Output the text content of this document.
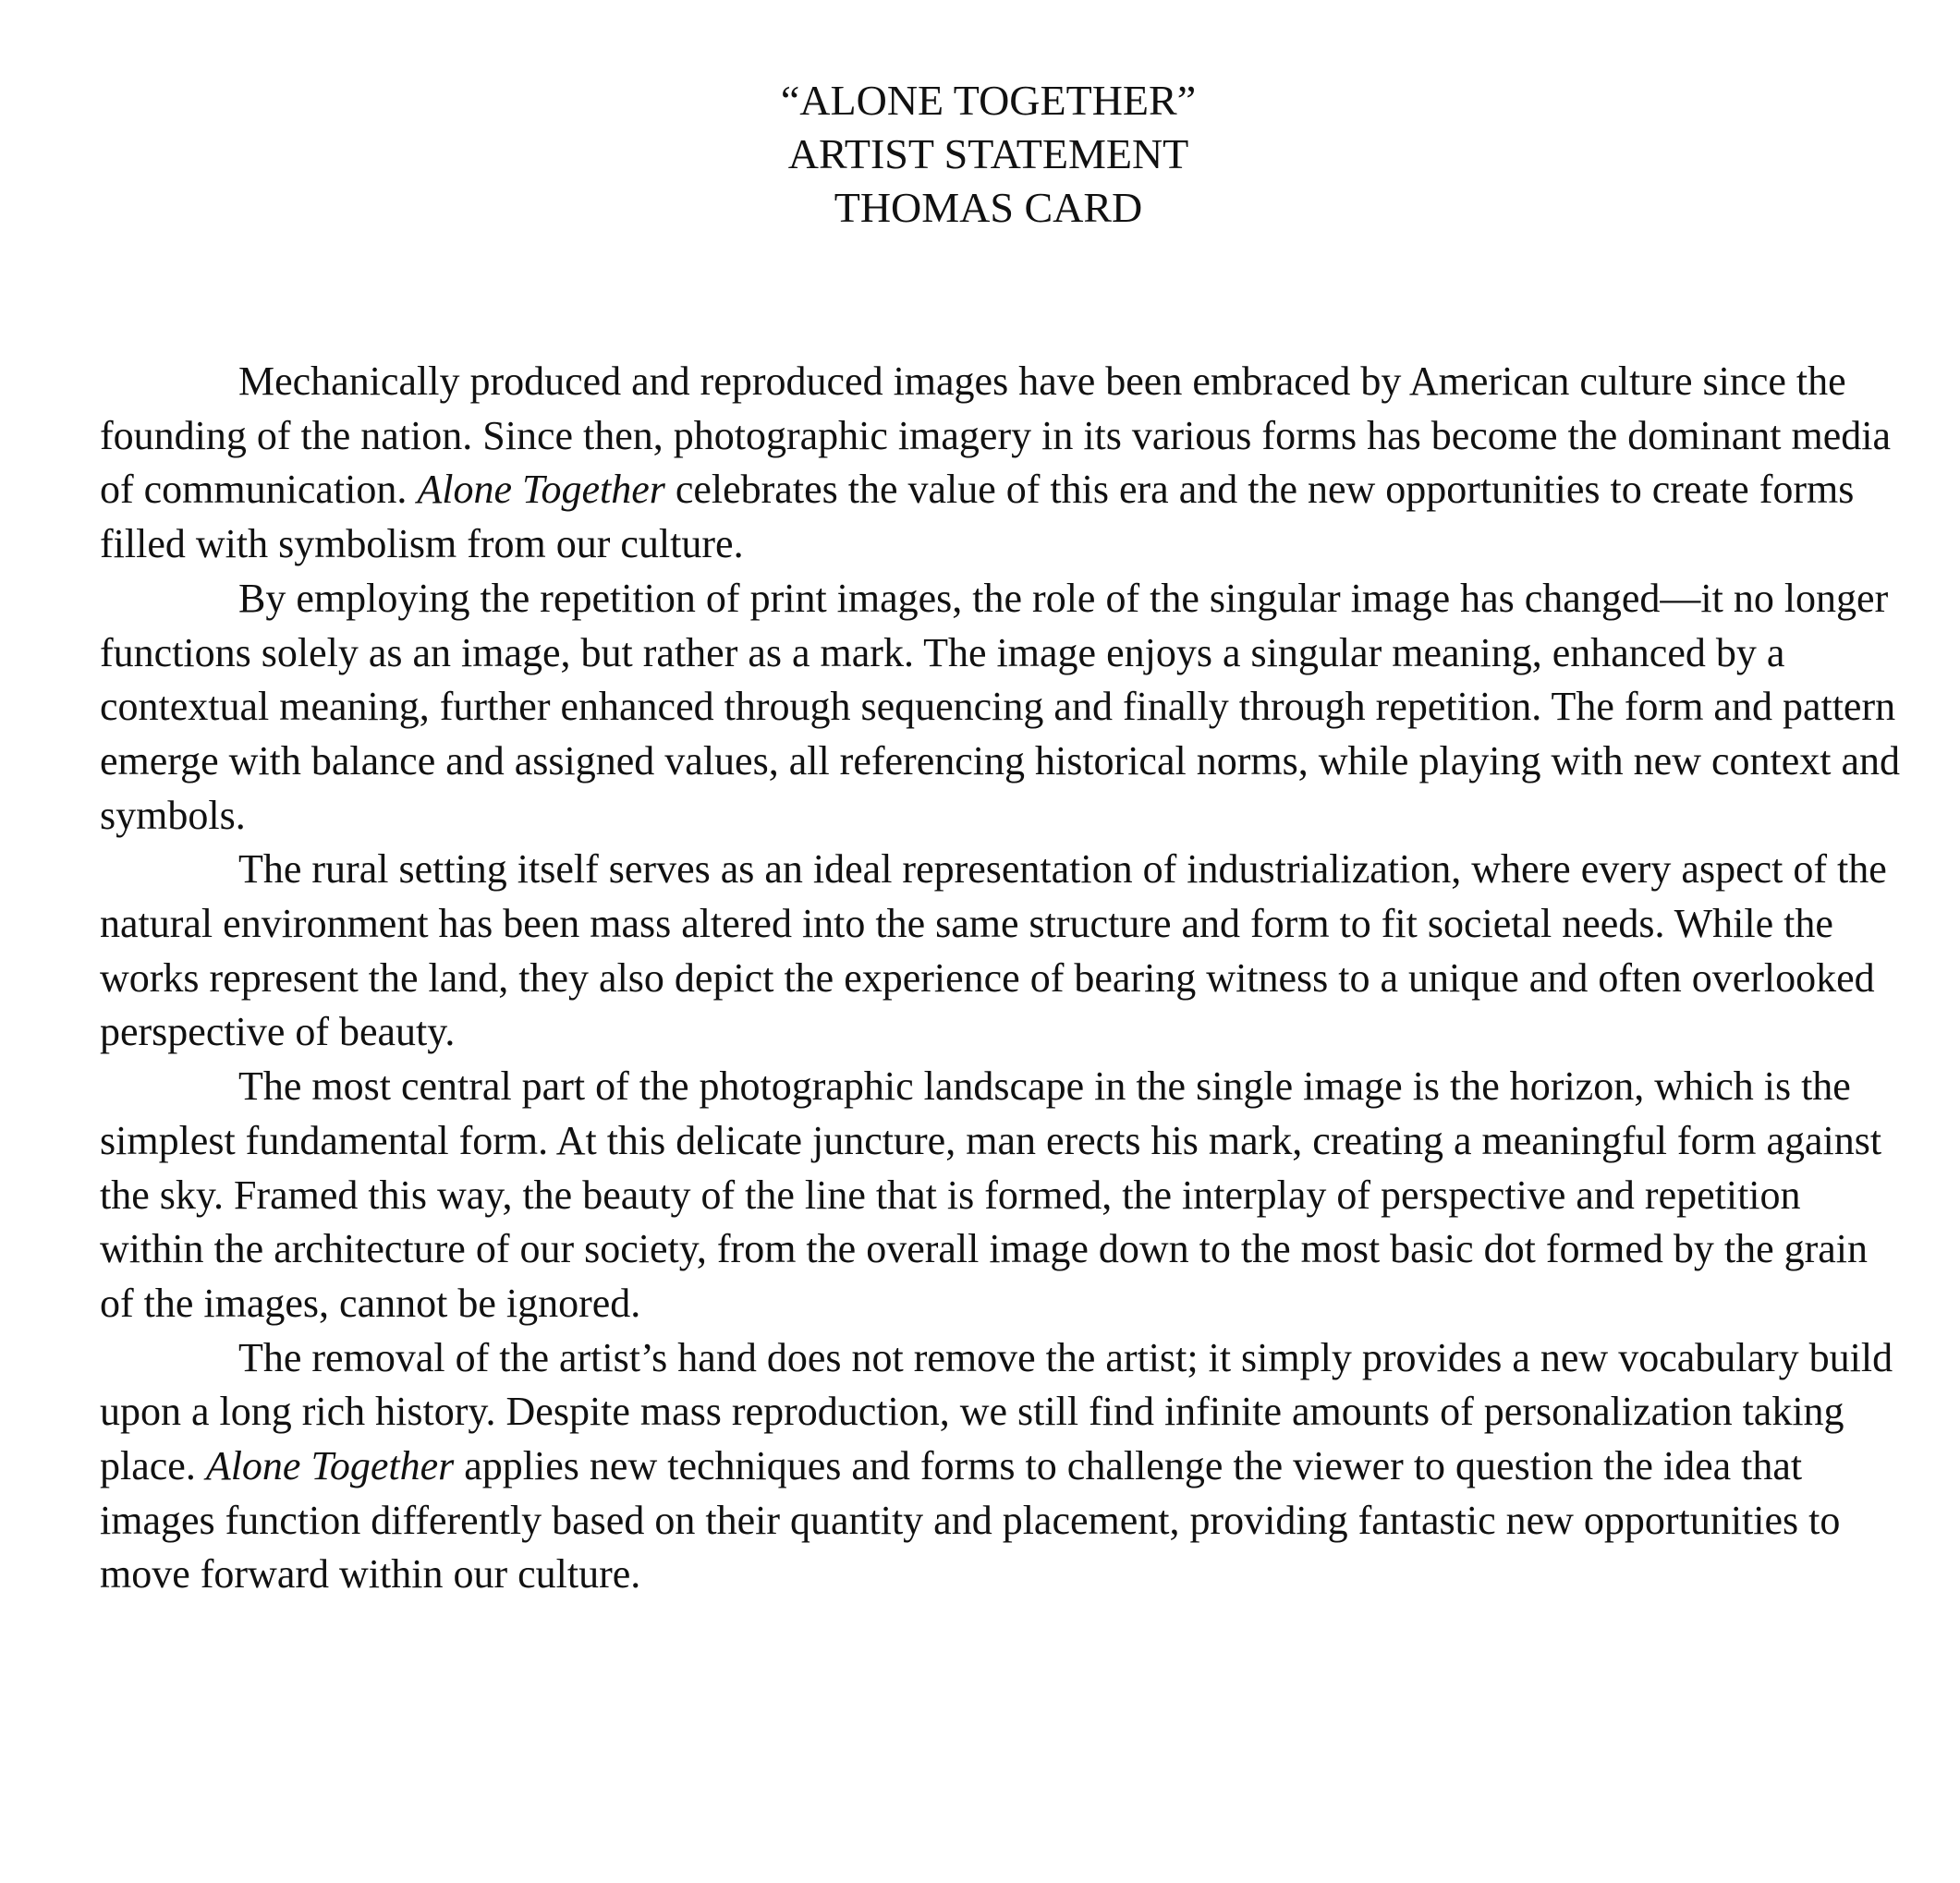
“ALONE TOGETHER”
ARTIST STATEMENT
THOMAS CARD

Mechanically produced and reproduced images have been embraced by American culture since the founding of the nation. Since then, photographic imagery in its various forms has become the dominant media of communication. Alone Together celebrates the value of this era and the new opportunities to create forms filled with symbolism from our culture.

By employing the repetition of print images, the role of the singular image has changed—it no longer functions solely as an image, but rather as a mark. The image enjoys a singular meaning, enhanced by a contextual meaning, further enhanced through sequencing and finally through repetition. The form and pattern emerge with balance and assigned values, all referencing historical norms, while playing with new context and symbols.

The rural setting itself serves as an ideal representation of industrialization, where every aspect of the natural environment has been mass altered into the same structure and form to fit societal needs. While the works represent the land, they also depict the experience of bearing witness to a unique and often overlooked perspective of beauty.

The most central part of the photographic landscape in the single image is the horizon, which is the simplest fundamental form. At this delicate juncture, man erects his mark, creating a meaningful form against the sky. Framed this way, the beauty of the line that is formed, the interplay of perspective and repetition within the architecture of our society, from the overall image down to the most basic dot formed by the grain of the images, cannot be ignored.

The removal of the artist’s hand does not remove the artist; it simply provides a new vocabulary build upon a long rich history. Despite mass reproduction, we still find infinite amounts of personalization taking place. Alone Together applies new techniques and forms to challenge the viewer to question the idea that images function differently based on their quantity and placement, providing fantastic new opportunities to move forward within our culture.
